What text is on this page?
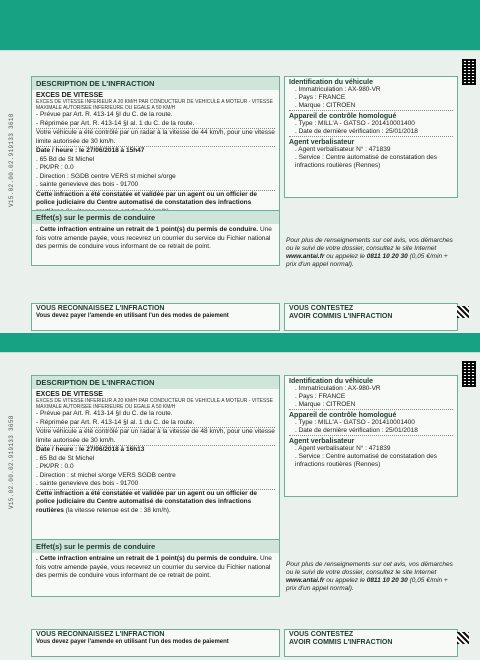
V15.02.00.02.919133 3618
DESCRIPTION DE L'INFRACTION
EXCES DE VITESSE
EXCES DE VITESSE INFERIEUR A 20 KM/H PAR CONDUCTEUR DE VEHICULE A MOTEUR - VITESSE MAXIMALE AUTORISEE INFERIEURE OU EGALE A 50 KM/H
- Prévue par Art. R. 413-14 §I du C. de la route.
- Réprimée par Art. R. 413-14 §I al. 1 du C. de la route.
Votre véhicule a été contrôlé par un radar à la vitesse de 44 km/h, pour une vitesse limite autorisée de 30 km/h.
Date / heure : le 27/06/2018 à 15h47
. 65 Bd de St Michel
. PK/PR : 0.0
. Direction : SGDB centre VERS st michel s/orge
. sainte genevieve des bois - 91700
Cette infraction a été constatée et validée par un agent ou un officier de police judiciaire du Centre automatisé de constatation des infractions
Identification du véhicule
. Immatriculation : AX-980-VR
. Pays : FRANCE
. Marque : CITROEN
Appareil de contrôle homologué
. Type : MILL'A - GATSO - 201410001400
. Date de dernière vérification : 25/01/2018
Agent verbalisateur
. Agent verbalisateur N° : 471839
. Service : Centre automatisé de constatation des infractions routières (Rennes)
Effet(s) sur le permis de conduire
. Cette infraction entraine un retrait de 1 point(s) du permis de conduire. Une fois votre amende payée, vous recevrez un courrier du service du Fichier national des permis de conduire vous informant de ce retrait de point.
Pour plus de renseignements sur cet avis, vos démarches ou le suivi de votre dossier, consultez le site Internet www.antai.fr ou appelez le 0811 10 20 30 (0,05 €/min + prix d'un appel normal).
VOUS RECONNAISSEZ L'INFRACTION
Vous devez payer l'amende en utilisant l'un des modes de paiement
VOUS CONTESTEZ
AVOIR COMMIS L'INFRACTION
V15.02.00.02.919133 3658
DESCRIPTION DE L'INFRACTION
EXCES DE VITESSE
EXCES DE VITESSE INFERIEUR A 20 KM/H PAR CONDUCTEUR DE VEHICULE A MOTEUR - VITESSE MAXIMALE AUTORISEE INFERIEURE OU EGALE A 50 KM/H
- Prévue par Art. R. 413-14 §I du C. de la route.
- Réprimée par Art. R. 413-14 §I al. 1 du C. de la route.
Votre véhicule a été contrôlé par un radar à la vitesse de 48 km/h, pour une vitesse limite autorisée de 30 km/h.
Date / heure : le 27/06/2018 à 16h13
. 65 Bd de St Michel
. PK/PR : 0.0
. Direction : st michel s/orge VERS SGDB centre
. sainte genevieve des bois - 91700
Cette infraction a été constatée et validée par un agent ou un officier de police judiciaire du Centre automatisé de constatation des infractions routières (la vitesse retenue est de : 38 km/h).
Identification du véhicule
. Immatriculation : AX-980-VR
. Pays : FRANCE
. Marque : CITROEN
Appareil de contrôle homologué
. Type : MILL'A - GATSO - 201410001400
. Date de dernière vérification : 25/01/2018
Agent verbalisateur
. Agent verbalisateur N° : 471839
. Service : Centre automatisé de constatation des infractions routières (Rennes)
Effet(s) sur le permis de conduire
. Cette infraction entraine un retrait de 1 point(s) du permis de conduire. Une fois votre amende payée, vous recevrez un courrier du service du Fichier national des permis de conduire vous informant de ce retrait de point.
Pour plus de renseignements sur cet avis, vos démarches ou le suivi de votre dossier, consultez le site Internet www.antai.fr ou appelez le 0811 10 20 30 (0,05 €/min + prix d'un appel normal).
VOUS RECONNAISSEZ L'INFRACTION
Vous devez payer l'amende en utilisant l'un des modes de paiement
VOUS CONTESTEZ
AVOIR COMMIS L'INFRACTION
